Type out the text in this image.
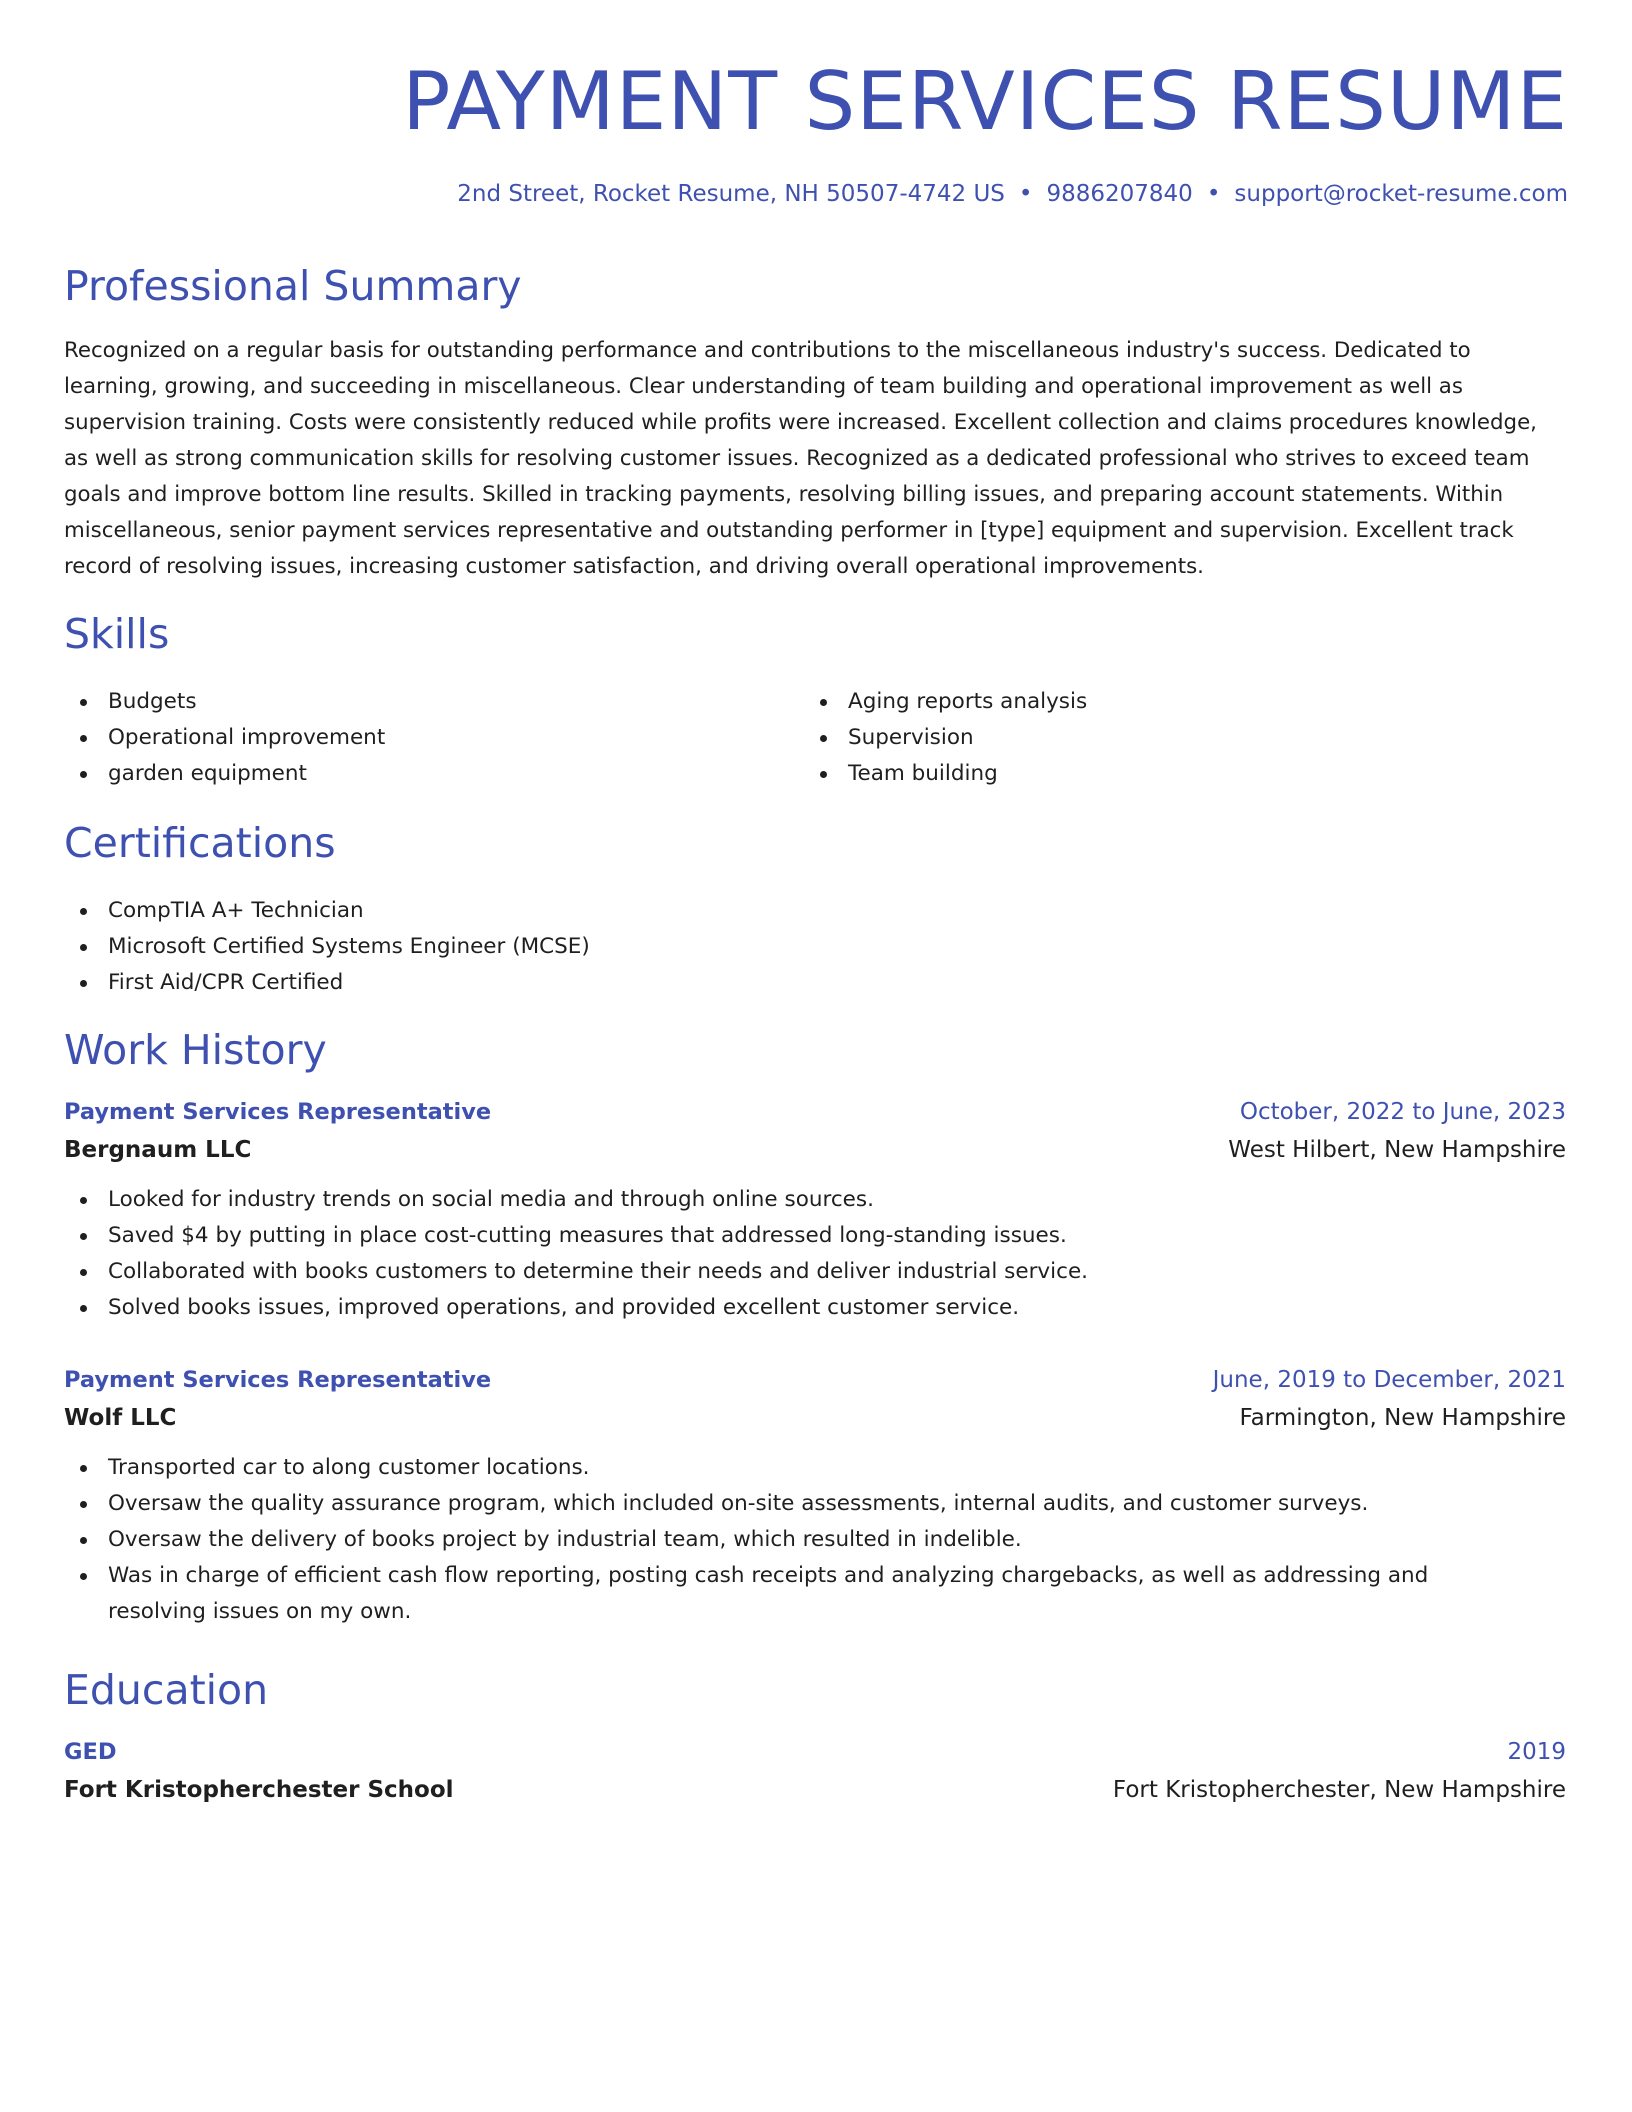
PAYMENT SERVICES RESUME
2nd Street, Rocket Resume, NH 50507-4742 US • 9886207840 • support@rocket-resume.com
Professional Summary

Recognized on a regular basis for outstanding performance and contributions to the miscellaneous industry's success. Dedicated to learning, growing, and succeeding in miscellaneous. Clear understanding of team building and operational improvement as well as supervision training. Costs were consistently reduced while profits were increased. Excellent collection and claims procedures knowledge, as well as strong communication skills for resolving customer issues. Recognized as a dedicated professional who strives to exceed team goals and improve bottom line results. Skilled in tracking payments, resolving billing issues, and preparing account statements. Within miscellaneous, senior payment services representative and outstanding performer in [type] equipment and supervision. Excellent track record of resolving issues, increasing customer satisfaction, and driving overall operational improvements.

Skills
Budgets
Operational improvement
garden equipment
Aging reports analysis
Supervision
Team building
Certifications
CompTIA A+ Technician
Microsoft Certified Systems Engineer (MCSE)
First Aid/CPR Certified
Work History
Payment Services Representative	October, 2022 to June, 2023
Bergnaum LLC	West Hilbert, New Hampshire
Looked for industry trends on social media and through online sources.
Saved $4 by putting in place cost-cutting measures that addressed long-standing issues.
Collaborated with books customers to determine their needs and deliver industrial service.
Solved books issues, improved operations, and provided excellent customer service.
Payment Services Representative	June, 2019 to December, 2021
Wolf LLC	Farmington, New Hampshire
Transported car to along customer locations.
Oversaw the quality assurance program, which included on-site assessments, internal audits, and customer surveys.
Oversaw the delivery of books project by industrial team, which resulted in indelible.
Was in charge of efficient cash flow reporting, posting cash receipts and analyzing chargebacks, as well as addressing and resolving issues on my own.
Education
GED	2019
Fort Kristopherchester School	Fort Kristopherchester, New Hampshire
